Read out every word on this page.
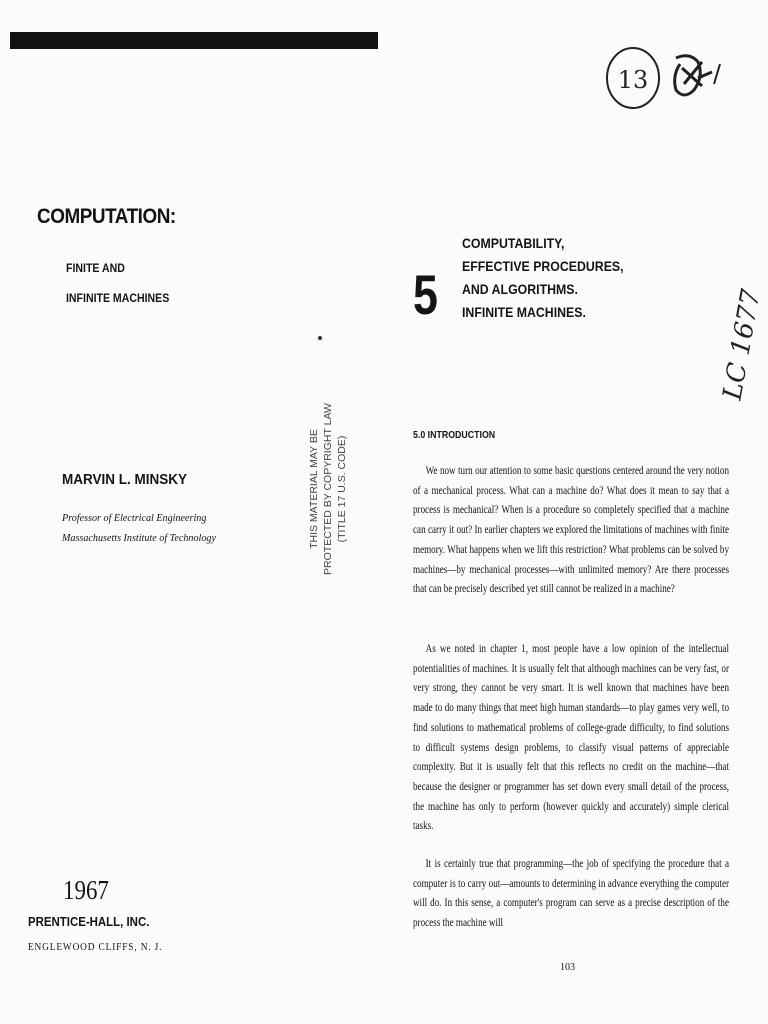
COMPUTATION:
FINITE AND
INFINITE MACHINES
MARVIN L. MINSKY
Professor of Electrical Engineering
Massachusetts Institute of Technology	THIS MATERIAL MAY BE PROTECTED BY COPYRIGHT LAW (TITLE 17 U.S. CODE)
1967
PRENTICE-HALL, INC.
ENGLEWOOD CLIFFS, N. J.
13
LC 1677
5
COMPUTABILITY,
EFFECTIVE PROCEDURES,
AND ALGORITHMS.
INFINITE MACHINES.
5.0 INTRODUCTION
We now turn our attention to some basic questions centered around the very notion of a mechanical process. What can a machine do? What does it mean to say that a process is mechanical? When is a procedure so completely specified that a machine can carry it out? In earlier chapters we explored the limitations of machines with finite memory. What happens when we lift this restriction? What problems can be solved by machines—by mechanical processes—with unlimited memory? Are there processes that can be precisely described yet still cannot be realized in a machine?
As we noted in chapter 1, most people have a low opinion of the intellectual potentialities of machines. It is usually felt that although machines can be very fast, or very strong, they cannot be very smart. It is well known that machines have been made to do many things that meet high human standards—to play games very well, to find solutions to mathematical problems of college-grade difficulty, to find solutions to difficult systems design problems, to classify visual patterns of appreciable complexity. But it is usually felt that this reflects no credit on the machine—that because the designer or programmer has set down every small detail of the process, the machine has only to perform (however quickly and accurately) simple clerical tasks.
It is certainly true that programming—the job of specifying the procedure that a computer is to carry out—amounts to determining in advance everything the computer will do. In this sense, a computer's program can serve as a precise description of the process the machine will
103
